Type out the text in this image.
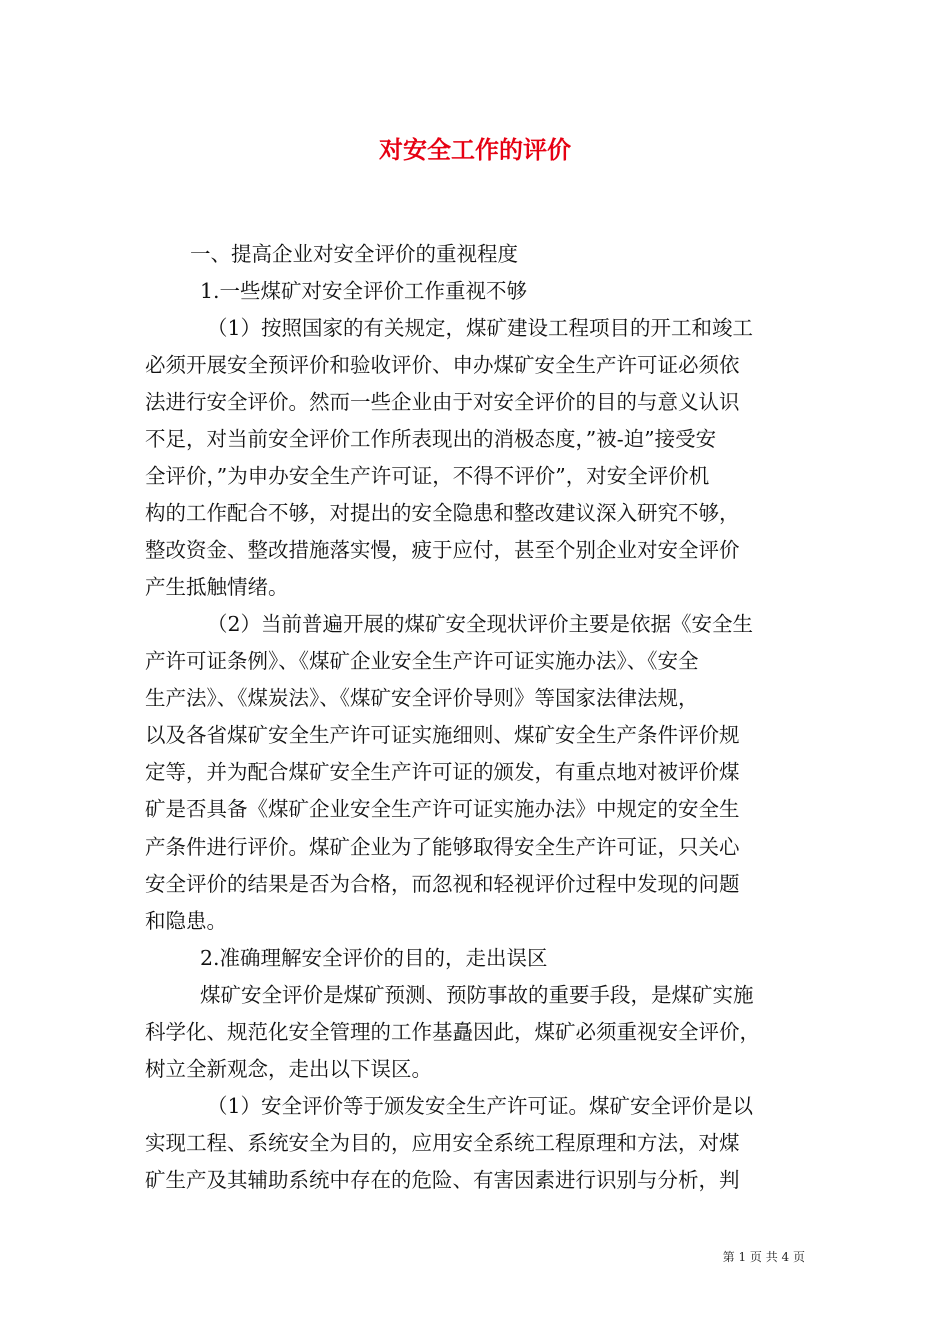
对安全工作的评价
一、提高企业对安全评价的重视程度
1.一些煤矿对安全评价工作重视不够
（1）按照国家的有关规定，煤矿建设工程项目的开工和竣工
必须开展安全预评价和验收评价、申办煤矿安全生产许可证必须依
法进行安全评价。然而一些企业由于对安全评价的目的与意义认识
不足，对当前安全评价工作所表现出的消极态度，”被-迫”接受安
全评价，”为申办安全生产许可证，不得不评价”，对安全评价机
构的工作配合不够，对提出的安全隐患和整改建议深入研究不够，
整改资金、整改措施落实慢，疲于应付，甚至个别企业对安全评价
产生抵触情绪。
（2）当前普遍开展的煤矿安全现状评价主要是依据《安全生
产许可证条例》、《煤矿企业安全生产许可证实施办法》、《安全
生产法》、《煤炭法》、《煤矿安全评价导则》等国家法律法规，
以及各省煤矿安全生产许可证实施细则、煤矿安全生产条件评价规
定等，并为配合煤矿安全生产许可证的颁发，有重点地对被评价煤
矿是否具备《煤矿企业安全生产许可证实施办法》中规定的安全生
产条件进行评价。煤矿企业为了能够取得安全生产许可证，只关心
安全评价的结果是否为合格，而忽视和轻视评价过程中发现的问题
和隐患。
2.准确理解安全评价的目的，走出误区
煤矿安全评价是煤矿预测、预防事故的重要手段，是煤矿实施
科学化、规范化安全管理的工作基矗因此，煤矿必须重视安全评价，
树立全新观念，走出以下误区。
（1）安全评价等于颁发安全生产许可证。煤矿安全评价是以
实现工程、系统安全为目的，应用安全系统工程原理和方法，对煤
矿生产及其辅助系统中存在的危险、有害因素进行识别与分析，判
第 1 页 共 4 页
